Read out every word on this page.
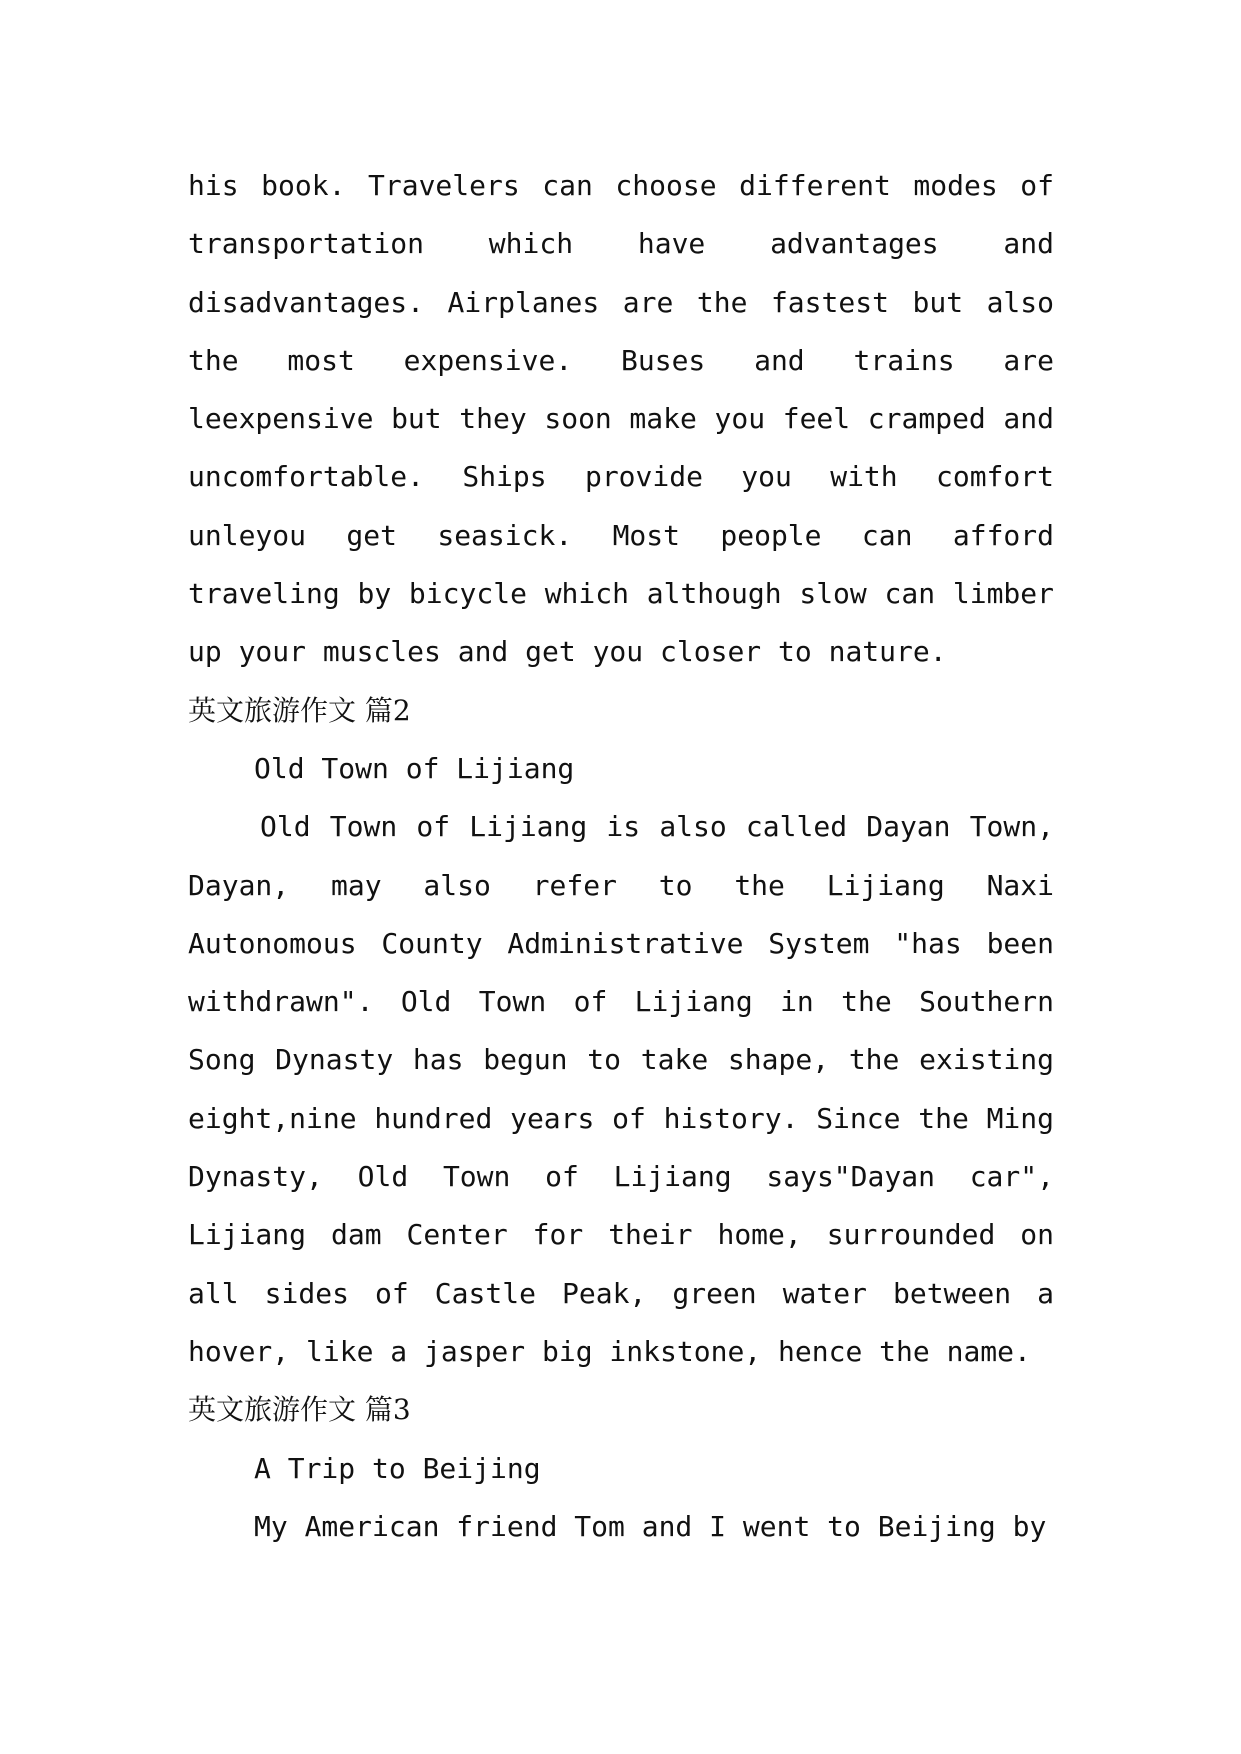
his book. Travelers can choose different modes of transportation which have advantages and disadvantages. Airplanes are the fastest but also the most expensive. Buses and trains are leexpensive but they soon make you feel cramped and uncomfortable. Ships provide you with comfort unleyou get seasick. Most people can afford traveling by bicycle which although slow can limber up your muscles and get you closer to nature.

英文旅游作文 篇2

Old Town of Lijiang

Old Town of Lijiang is also called Dayan Town, Dayan, may also refer to the Lijiang Naxi Autonomous County Administrative System "has been withdrawn". Old Town of Lijiang in the Southern Song Dynasty has begun to take shape, the existing eight,nine hundred years of history. Since the Ming Dynasty, Old Town of Lijiang says"Dayan car", Lijiang dam Center for their home, surrounded on all sides of Castle Peak, green water between a hover, like a jasper big inkstone, hence the name.

英文旅游作文 篇3

A Trip to Beijing

My American friend Tom and I went to Beijing by
